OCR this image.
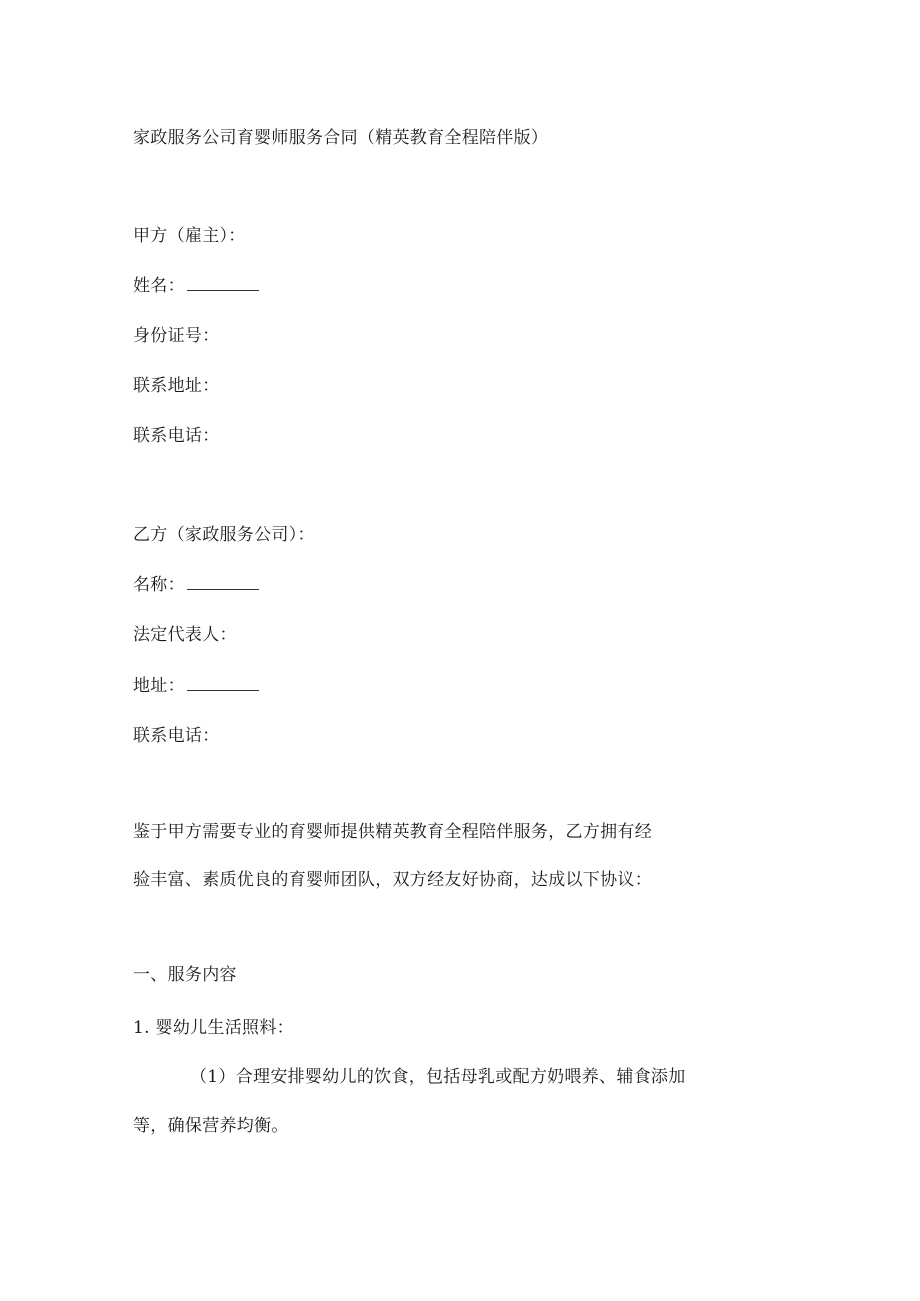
家政服务公司育婴师服务合同（精英教育全程陪伴版）
甲方（雇主）：
姓名：
身份证号：
联系地址：
联系电话：
乙方（家政服务公司）：
名称：
法定代表人：
地址：
联系电话：
鉴于甲方需要专业的育婴师提供精英教育全程陪伴服务，乙方拥有经
验丰富、素质优良的育婴师团队，双方经友好协商，达成以下协议：
一、服务内容
1. 婴幼儿生活照料：
（1）合理安排婴幼儿的饮食，包括母乳或配方奶喂养、辅食添加
等，确保营养均衡。
